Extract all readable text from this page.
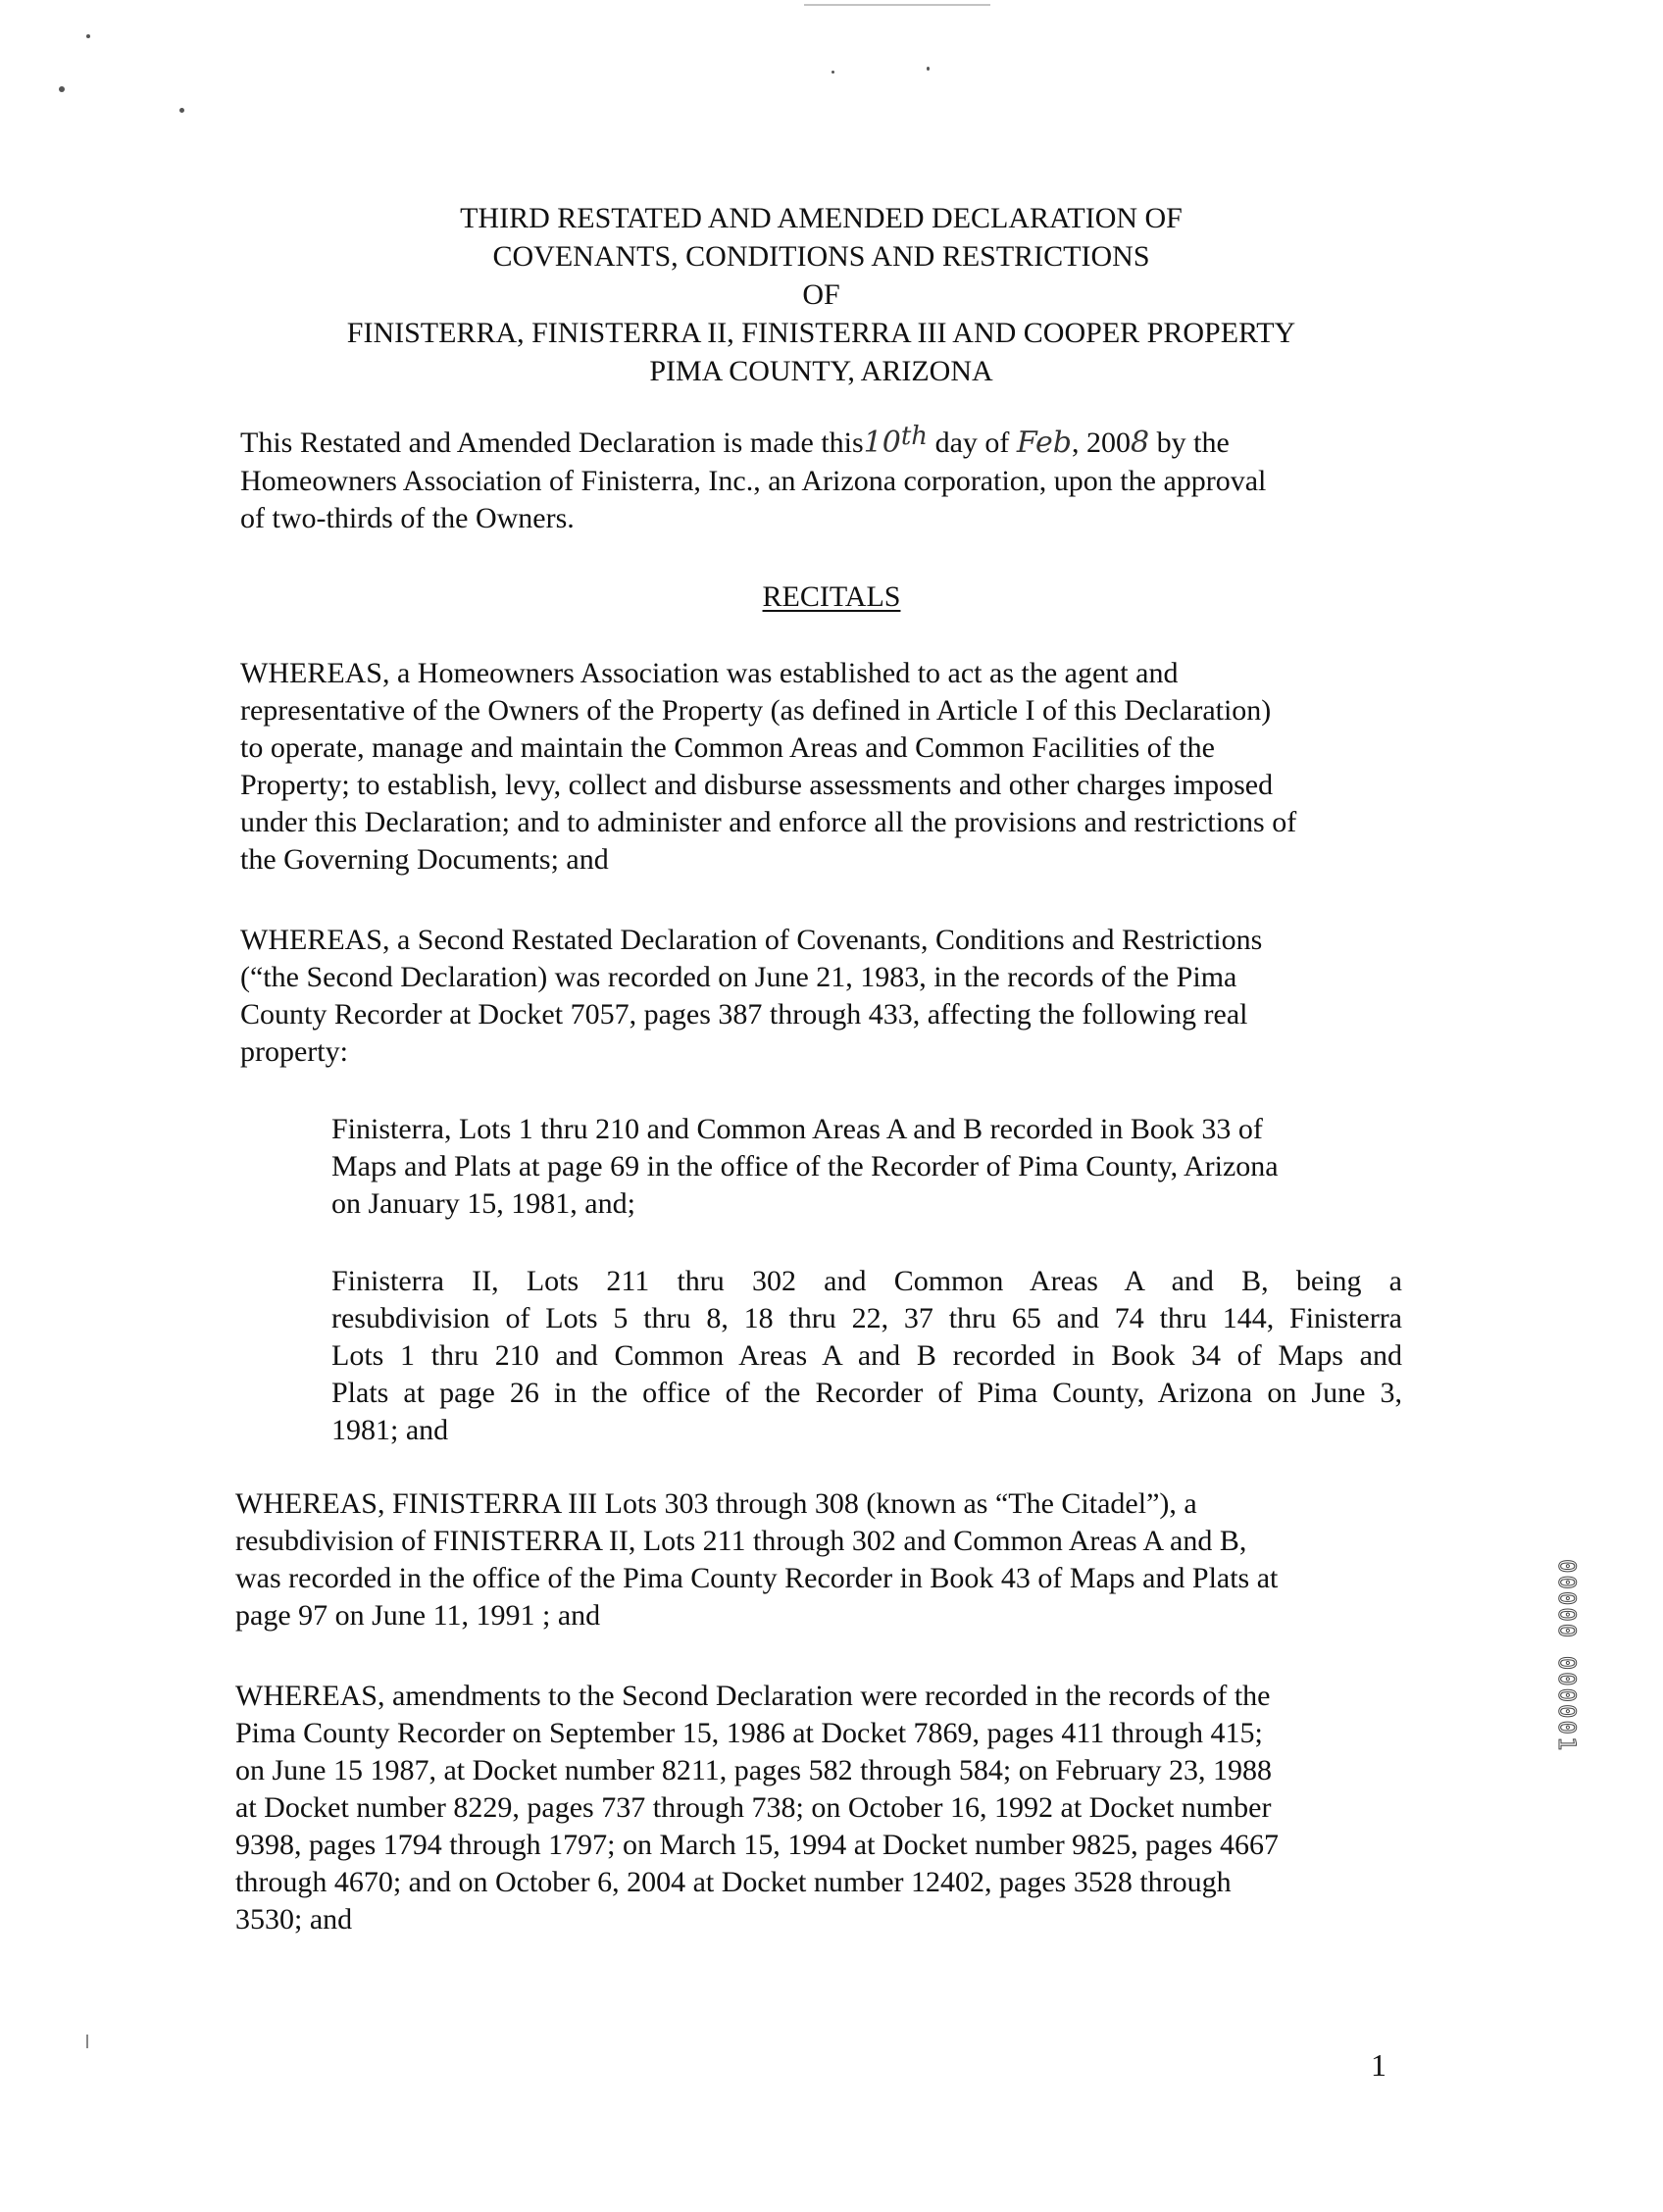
THIRD RESTATED AND AMENDED DECLARATION OF
COVENANTS, CONDITIONS AND RESTRICTIONS
OF
FINISTERRA, FINISTERRA II, FINISTERRA III AND COOPER PROPERTY
PIMA COUNTY, ARIZONA
This Restated and Amended Declaration is made this10th day of Feb, 2008 by the
Homeowners Association of Finisterra, Inc., an Arizona corporation, upon the approval
of two-thirds of the Owners.
RECITALS
WHEREAS, a Homeowners Association was established to act as the agent and
representative of the Owners of the Property (as defined in Article I of this Declaration)
to operate, manage and maintain the Common Areas and Common Facilities of the
Property; to establish, levy, collect and disburse assessments and other charges imposed
under this Declaration; and to administer and enforce all the provisions and restrictions of
the Governing Documents; and
WHEREAS, a Second Restated Declaration of Covenants, Conditions and Restrictions
(“the Second Declaration) was recorded on June 21, 1983, in the records of the Pima
County Recorder at Docket 7057, pages 387 through 433, affecting the following real
property:
Finisterra, Lots 1 thru 210 and Common Areas A and B recorded in Book 33 of
Maps and Plats at page 69 in the office of the Recorder of Pima County, Arizona
on January 15, 1981, and;
Finisterra II, Lots 211 thru 302 and Common Areas A and B, being a
resubdivision of Lots 5 thru 8, 18 thru 22, 37 thru 65 and 74 thru 144, Finisterra
Lots 1 thru 210 and Common Areas A and B recorded in Book 34 of Maps and
Plats at page 26 in the office of the Recorder of Pima County, Arizona on June 3,
1981; and
WHEREAS, FINISTERRA III Lots 303 through 308 (known as “The Citadel”), a
resubdivision of FINISTERRA II, Lots 211 through 302 and Common Areas A and B,
was recorded in the office of the Pima County Recorder in Book 43 of Maps and Plats at
page 97 on June 11, 1991 ; and
WHEREAS, amendments to the Second Declaration were recorded in the records of the
Pima County Recorder on September 15, 1986 at Docket 7869, pages 411 through 415;
on June 15 1987, at Docket number 8211, pages 582 through 584; on February 23, 1988
at Docket number 8229, pages 737 through 738; on October 16, 1992 at Docket number
9398, pages 1794 through 1797; on March 15, 1994 at Docket number 9825, pages 4667
through 4670; and on October 6, 2004 at Docket number 12402, pages 3528 through
3530; and
00000 000001
1
